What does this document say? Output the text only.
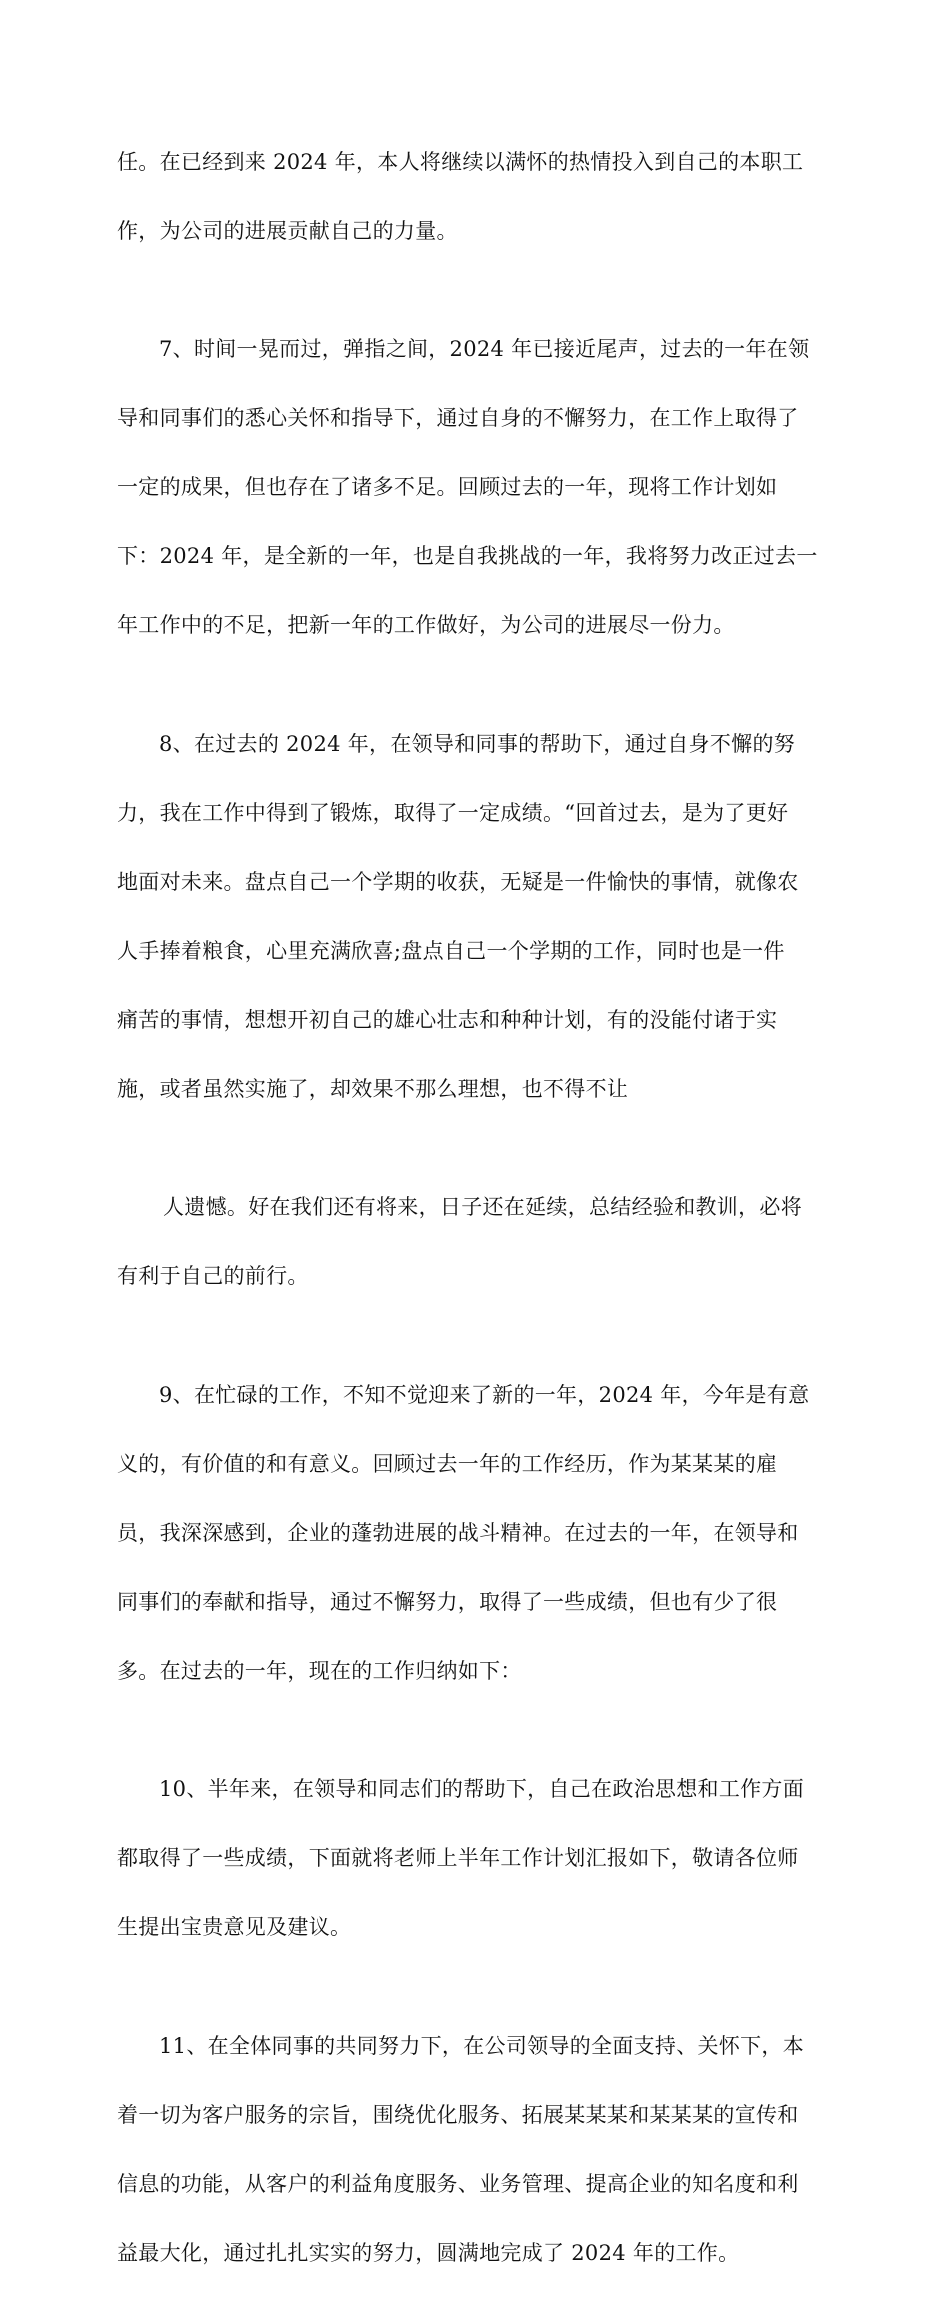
任。在已经到来 2024 年，本人将继续以满怀的热情投入到自己的本职工

作，为公司的进展贡献自己的力量。

7、时间一晃而过，弹指之间，2024 年已接近尾声，过去的一年在领

导和同事们的悉心关怀和指导下，通过自身的不懈努力，在工作上取得了

一定的成果，但也存在了诸多不足。回顾过去的一年，现将工作计划如

下：2024 年，是全新的一年，也是自我挑战的一年，我将努力改正过去一

年工作中的不足，把新一年的工作做好，为公司的进展尽一份力。

8、在过去的 2024 年，在领导和同事的帮助下，通过自身不懈的努

力，我在工作中得到了锻炼，取得了一定成绩。“回首过去，是为了更好

地面对未来。盘点自己一个学期的收获，无疑是一件愉快的事情，就像农

人手捧着粮食，心里充满欣喜;盘点自己一个学期的工作，同时也是一件

痛苦的事情，想想开初自己的雄心壮志和种种计划，有的没能付诸于实

施，或者虽然实施了，却效果不那么理想，也不得不让

人遗憾。好在我们还有将来，日子还在延续，总结经验和教训，必将

有利于自己的前行。

9、在忙碌的工作，不知不觉迎来了新的一年，2024 年，今年是有意

义的，有价值的和有意义。回顾过去一年的工作经历，作为某某某的雇

员，我深深感到，企业的蓬勃进展的战斗精神。在过去的一年，在领导和

同事们的奉献和指导，通过不懈努力，取得了一些成绩，但也有少了很

多。在过去的一年，现在的工作归纳如下：

10、半年来，在领导和同志们的帮助下，自己在政治思想和工作方面

都取得了一些成绩，下面就将老师上半年工作计划汇报如下，敬请各位师

生提出宝贵意见及建议。

11、在全体同事的共同努力下，在公司领导的全面支持、关怀下，本

着一切为客户服务的宗旨，围绕优化服务、拓展某某某和某某某的宣传和

信息的功能，从客户的利益角度服务、业务管理、提高企业的知名度和利

益最大化，通过扎扎实实的努力，圆满地完成了 2024 年的工作。
